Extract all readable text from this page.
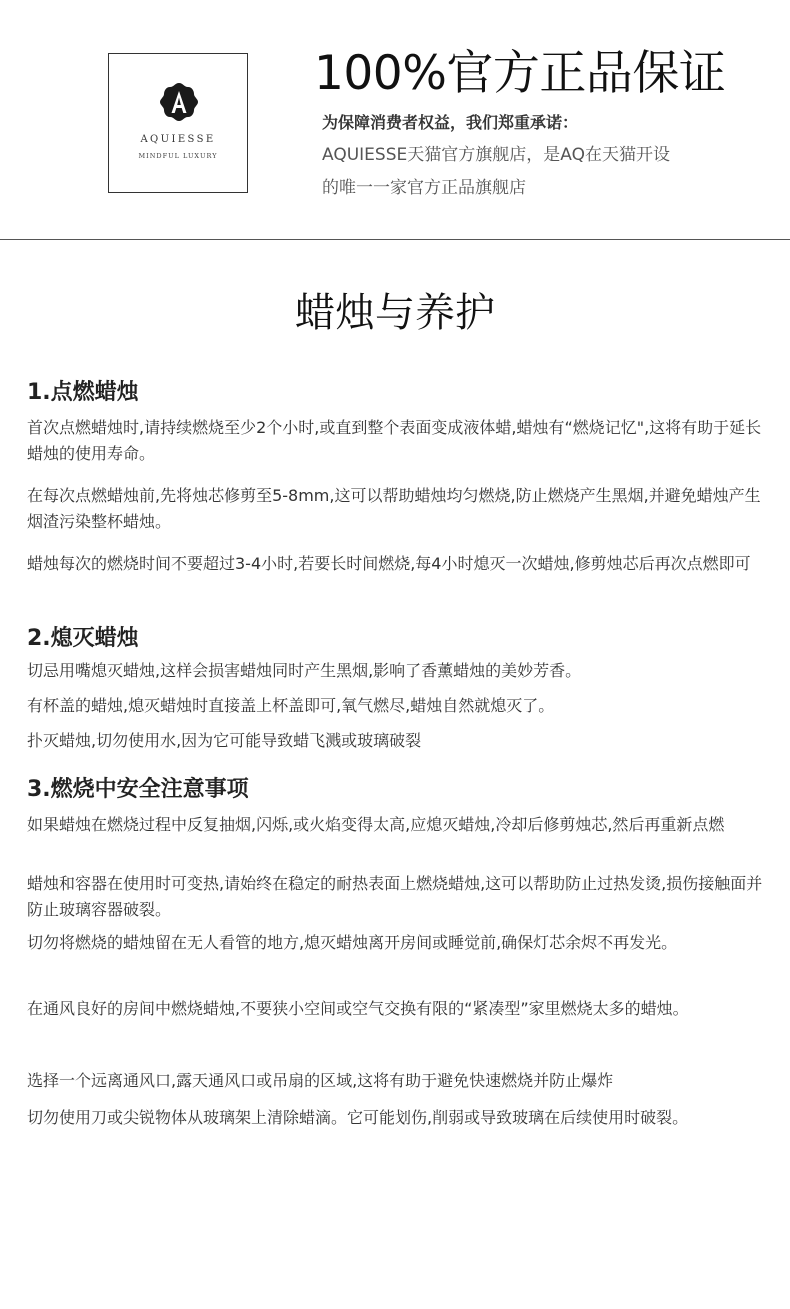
AQUIESSE
MINDFUL LUXURY
100%官方正品保证
为保障消费者权益，我们郑重承诺：
AQUIESSE天猫官方旗舰店，是AQ在天猫开设的唯一一家官方正品旗舰店
蜡烛与养护
1.点燃蜡烛
首次点燃蜡烛时,请持续燃烧至少2个小时,或直到整个表面变成液体蜡,蜡烛有“燃烧记忆",这将有助于延长蜡烛的使用寿命。
在每次点燃蜡烛前,先将烛芯修剪至5-8mm,这可以帮助蜡烛均匀燃烧,防止燃烧产生黑烟,并避免蜡烛产生烟渣污染整杯蜡烛。
蜡烛每次的燃烧时间不要超过3-4小时,若要长时间燃烧,每4小时熄灭一次蜡烛,修剪烛芯后再次点燃即可
2.熄灭蜡烛
切忌用嘴熄灭蜡烛,这样会损害蜡烛同时产生黑烟,影响了香薰蜡烛的美妙芳香。
有杯盖的蜡烛,熄灭蜡烛时直接盖上杯盖即可,氧气燃尽,蜡烛自然就熄灭了。
扑灭蜡烛,切勿使用水,因为它可能导致蜡飞溅或玻璃破裂
3.燃烧中安全注意事项
如果蜡烛在燃烧过程中反复抽烟,闪烁,或火焰变得太高,应熄灭蜡烛,冷却后修剪烛芯,然后再重新点燃
蜡烛和容器在使用时可变热,请始终在稳定的耐热表面上燃烧蜡烛,这可以帮助防止过热发烫,损伤接触面并防止玻璃容器破裂。
切勿将燃烧的蜡烛留在无人看管的地方,熄灭蜡烛离开房间或睡觉前,确保灯芯余烬不再发光。
在通风良好的房间中燃烧蜡烛,不要狭小空间或空气交换有限的“紧凑型”家里燃烧太多的蜡烛。
选择一个远离通风口,露天通风口或吊扇的区域,这将有助于避免快速燃烧并防止爆炸
切勿使用刀或尖锐物体从玻璃架上清除蜡滴。它可能划伤,削弱或导致玻璃在后续使用时破裂。
